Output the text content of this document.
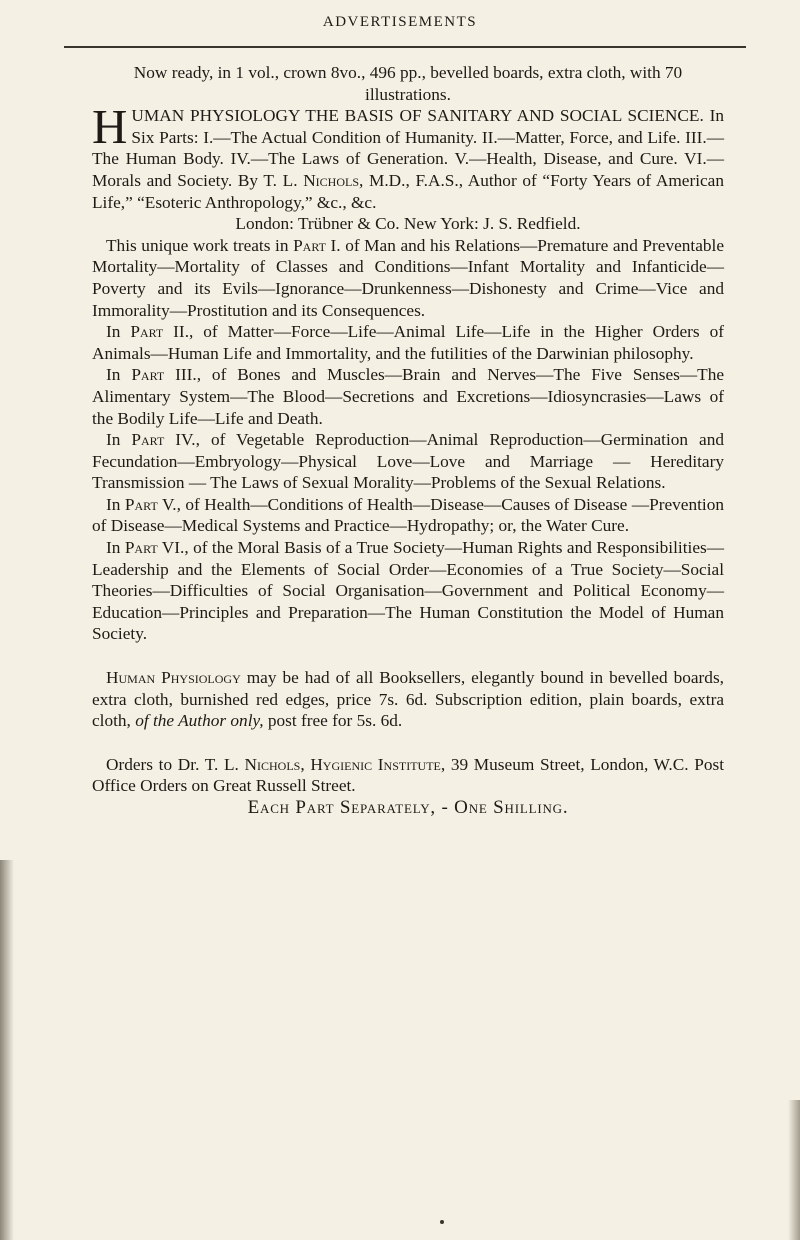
ADVERTISEMENTS

Now ready, in 1 vol., crown 8vo., 496 pp., bevelled boards, extra cloth, with 70 illustrations.

HUMAN PHYSIOLOGY THE BASIS OF SANITARY AND SOCIAL SCIENCE. In Six Parts: I.—The Actual Condition of Humanity. II.—Matter, Force, and Life. III.—The Human Body. IV.—The Laws of Generation. V.—Health, Disease, and Cure. VI.—Morals and Society. By T. L. Nichols, M.D., F.A.S., Author of “Forty Years of American Life,” “Esoteric Anthropology,” &c., &c.

London: Trübner & Co. New York: J. S. Redfield.

This unique work treats in Part I. of Man and his Relations—Premature and Preventable Mortality—Mortality of Classes and Conditions—Infant Mortality and Infanticide—Poverty and its Evils—Ignorance—Drunkenness—Dishonesty and Crime—Vice and Immorality—Prostitution and its Consequences.

In Part II., of Matter—Force—Life—Animal Life—Life in the Higher Orders of Animals—Human Life and Immortality, and the futilities of the Darwinian philosophy.

In Part III., of Bones and Muscles—Brain and Nerves—The Five Senses—The Alimentary System—The Blood—Secretions and Excretions—Idiosyncrasies—Laws of the Bodily Life—Life and Death.

In Part IV., of Vegetable Reproduction—Animal Reproduction—Germination and Fecundation—Embryology—Physical Love—Love and Marriage — Hereditary Transmission — The Laws of Sexual Morality—Problems of the Sexual Relations.

In Part V., of Health—Conditions of Health—Disease—Causes of Disease —Prevention of Disease—Medical Systems and Practice—Hydropathy; or, the Water Cure.

In Part VI., of the Moral Basis of a True Society—Human Rights and Responsibilities—Leadership and the Elements of Social Order—Economies of a True Society—Social Theories—Difficulties of Social Organisation—Government and Political Economy—Education—Principles and Preparation—The Human Constitution the Model of Human Society.

Human Physiology may be had of all Booksellers, elegantly bound in bevelled boards, extra cloth, burnished red edges, price 7s. 6d. Subscription edition, plain boards, extra cloth, of the Author only, post free for 5s. 6d.

Orders to Dr. T. L. Nichols, Hygienic Institute, 39 Museum Street, London, W.C. Post Office Orders on Great Russell Street.

Each Part Separately, - One Shilling.
